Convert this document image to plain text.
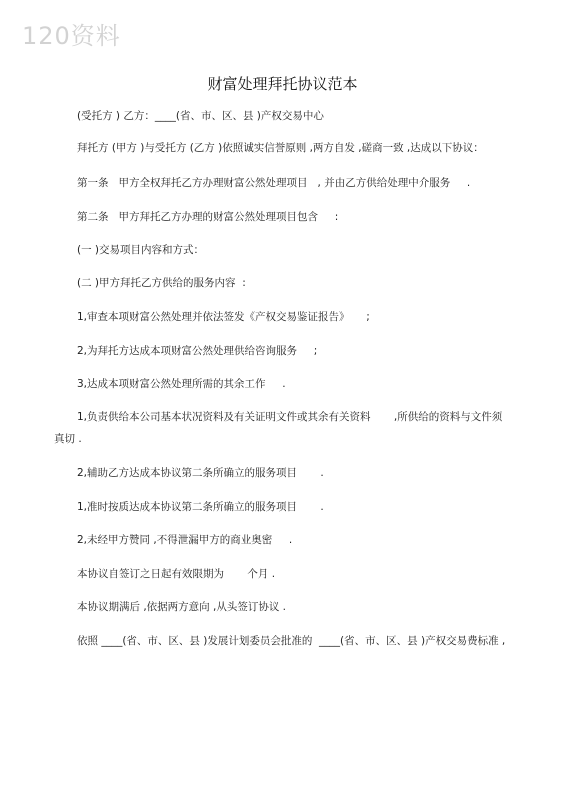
120资料
财富处理拜托协议范本
(受托方 ) 乙方：____(省、市、区、县 )产权交易中心
拜托方 (甲方 )与受托方 (乙方 )依照诚实信誉原则 ,两方自发 ,磋商一致 ,达成以下协议：
第一条   甲方全权拜托乙方办理财富公然处理项目   , 并由乙方供给处理中介服务     .
第二条   甲方拜托乙方办理的财富公然处理项目包含     :
(一 )交易项目内容和方式：
(二 )甲方拜托乙方供给的服务内容  :
1,审查本项财富公然处理并依法签发《产权交易鉴证报告》     ;
2,为拜托方达成本项财富公然处理供给咨询服务     ;
3,达成本项财富公然处理所需的其余工作     .
1,负责供给本公司基本状况资料及有关证明文件或其余有关资料       ,所供给的资料与文件须
真切 .
2,辅助乙方达成本协议第二条所确立的服务项目       .
1,准时按质达成本协议第二条所确立的服务项目       .
2,未经甲方赞同 ,不得泄漏甲方的商业奥密     .
本协议自签订之日起有效限期为       个月 .
本协议期满后 ,依据两方意向 ,从头签订协议 .
依照 ____(省、市、区、县 )发展计划委员会批准的  ____(省、市、区、县 )产权交易费标准 ,
